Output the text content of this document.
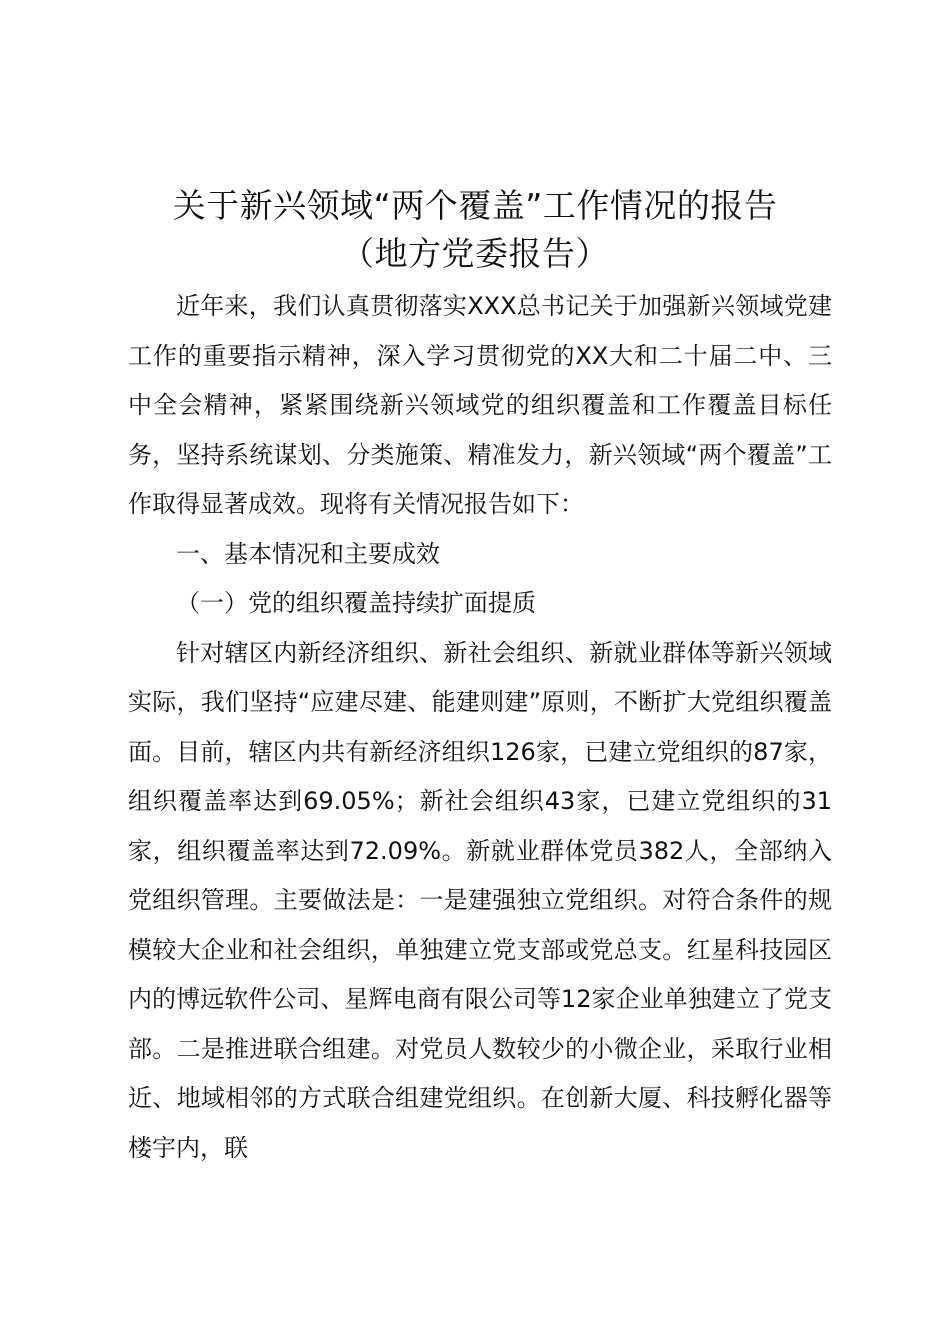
关于新兴领域“两个覆盖”工作情况的报告
（地方党委报告）

近年来，我们认真贯彻落实XXX总书记关于加强新兴领域党建工作的重要指示精神，深入学习贯彻党的XX大和二十届二中、三中全会精神，紧紧围绕新兴领域党的组织覆盖和工作覆盖目标任务，坚持系统谋划、分类施策、精准发力，新兴领域“两个覆盖”工作取得显著成效。现将有关情况报告如下：

一、基本情况和主要成效

（一）党的组织覆盖持续扩面提质

针对辖区内新经济组织、新社会组织、新就业群体等新兴领域实际，我们坚持“应建尽建、能建则建”原则，不断扩大党组织覆盖面。目前，辖区内共有新经济组织126家，已建立党组织的87家，组织覆盖率达到69.05%；新社会组织43家，已建立党组织的31家，组织覆盖率达到72.09%。新就业群体党员382人，全部纳入党组织管理。主要做法是：一是建强独立党组织。对符合条件的规模较大企业和社会组织，单独建立党支部或党总支。红星科技园区内的博远软件公司、星辉电商有限公司等12家企业单独建立了党支部。二是推进联合组建。对党员人数较少的小微企业，采取行业相近、地域相邻的方式联合组建党组织。在创新大厦、科技孵化器等楼宇内，联
